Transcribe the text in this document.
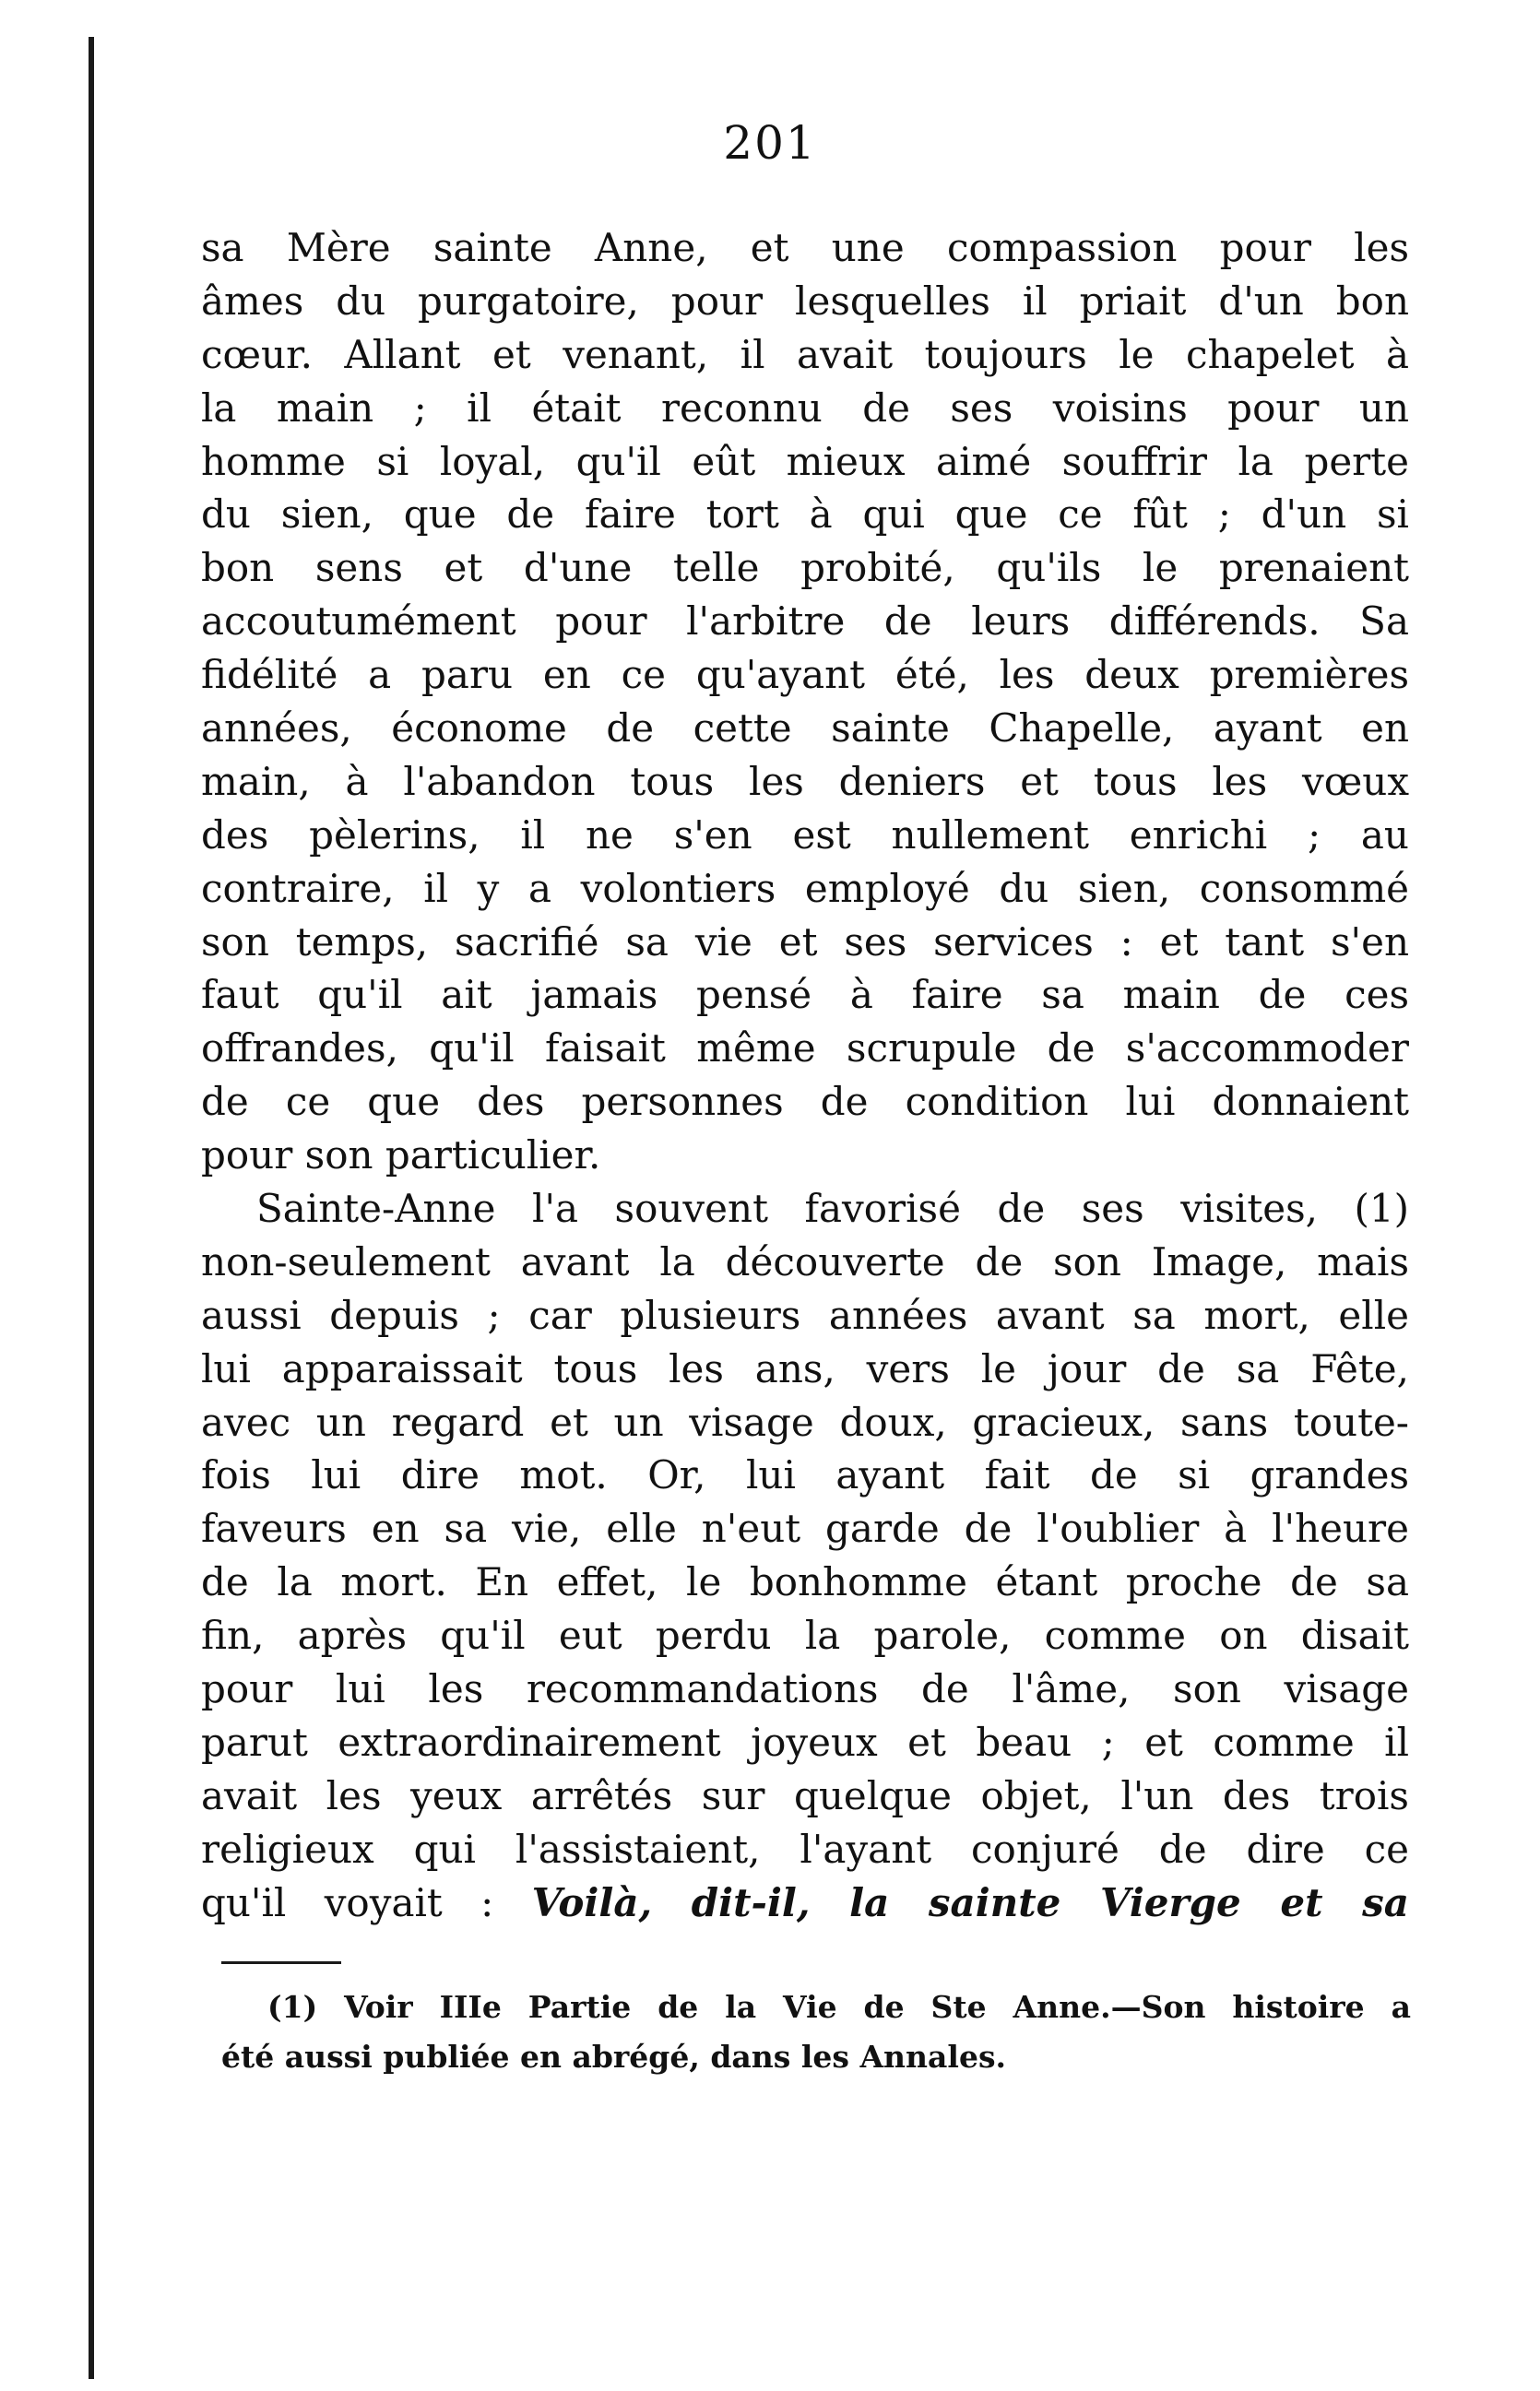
201
sa Mère sainte Anne, et une compassion pour les
âmes du purgatoire, pour lesquelles il priait d'un bon
cœur. Allant et venant, il avait toujours le chapelet à
la main ; il était reconnu de ses voisins pour un
homme si loyal, qu'il eût mieux aimé souffrir la perte
du sien, que de faire tort à qui que ce fût ; d'un si
bon sens et d'une telle probité, qu'ils le prenaient
accoutumément pour l'arbitre de leurs différends. Sa
fidélité a paru en ce qu'ayant été, les deux premières
années, économe de cette sainte Chapelle, ayant en
main, à l'abandon tous les deniers et tous les vœux
des pèlerins, il ne s'en est nullement enrichi ; au
contraire, il y a volontiers employé du sien, consommé
son temps, sacrifié sa vie et ses services : et tant s'en
faut qu'il ait jamais pensé à faire sa main de ces
offrandes, qu'il faisait même scrupule de s'accommoder
de ce que des personnes de condition lui donnaient
pour son particulier.
Sainte-Anne l'a souvent favorisé de ses visites, (1)
non-seulement avant la découverte de son Image, mais
aussi depuis ; car plusieurs années avant sa mort, elle
lui apparaissait tous les ans, vers le jour de sa Fête,
avec un regard et un visage doux, gracieux, sans toute-
fois lui dire mot. Or, lui ayant fait de si grandes
faveurs en sa vie, elle n'eut garde de l'oublier à l'heure
de la mort. En effet, le bonhomme étant proche de sa
fin, après qu'il eut perdu la parole, comme on disait
pour lui les recommandations de l'âme, son visage
parut extraordinairement joyeux et beau ; et comme il
avait les yeux arrêtés sur quelque objet, l'un des trois
religieux qui l'assistaient, l'ayant conjuré de dire ce
qu'il voyait : Voilà, dit-il, la sainte Vierge et sa
(1) Voir IIIe Partie de la Vie de Ste Anne.—Son histoire a
été aussi publiée en abrégé, dans les Annales.
